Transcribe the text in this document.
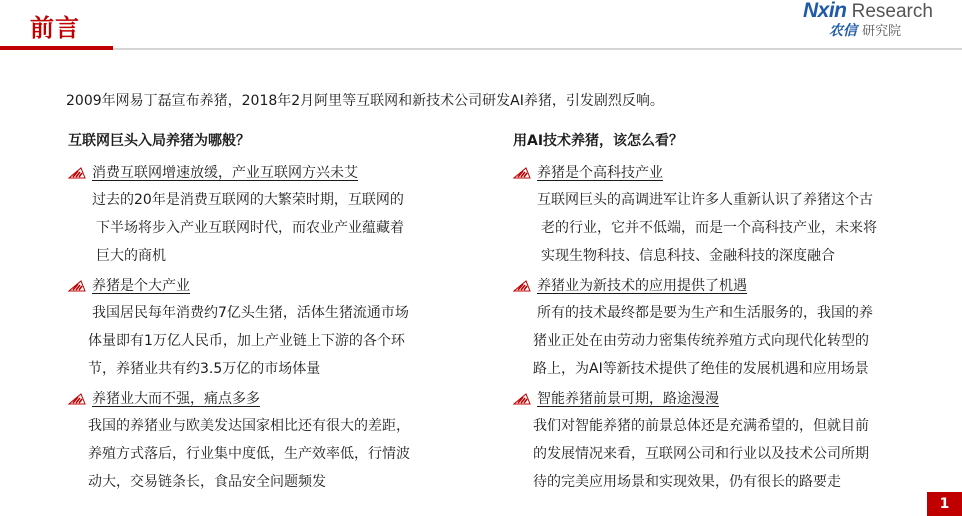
前言
Nxin Research
农信 研究院
2009年网易丁磊宣布养猪，2018年2月阿里等互联网和新技术公司研发AI养猪，引发剧烈反响。
互联网巨头入局养猪为哪般？
消费互联网增速放缓，产业互联网方兴未艾
过去的20年是消费互联网的大繁荣时期，互联网的
下半场将步入产业互联网时代，而农业产业蕴藏着
巨大的商机
养猪是个大产业
我国居民每年消费约7亿头生猪，活体生猪流通市场
体量即有1万亿人民币，加上产业链上下游的各个环
节，养猪业共有约3.5万亿的市场体量
养猪业大而不强，痛点多多
我国的养猪业与欧美发达国家相比还有很大的差距，
养殖方式落后，行业集中度低，生产效率低，行情波
动大，交易链条长，食品安全问题频发
用AI技术养猪，该怎么看？
养猪是个高科技产业
互联网巨头的高调进军让许多人重新认识了养猪这个古
老的行业，它并不低端，而是一个高科技产业，未来将
实现生物科技、信息科技、金融科技的深度融合
养猪业为新技术的应用提供了机遇
所有的技术最终都是要为生产和生活服务的，我国的养
猪业正处在由劳动力密集传统养殖方式向现代化转型的
路上，为AI等新技术提供了绝佳的发展机遇和应用场景
智能养猪前景可期，路途漫漫
我们对智能养猪的前景总体还是充满希望的，但就目前
的发展情况来看，互联网公司和行业以及技术公司所期
待的完美应用场景和实现效果，仍有很长的路要走
1
